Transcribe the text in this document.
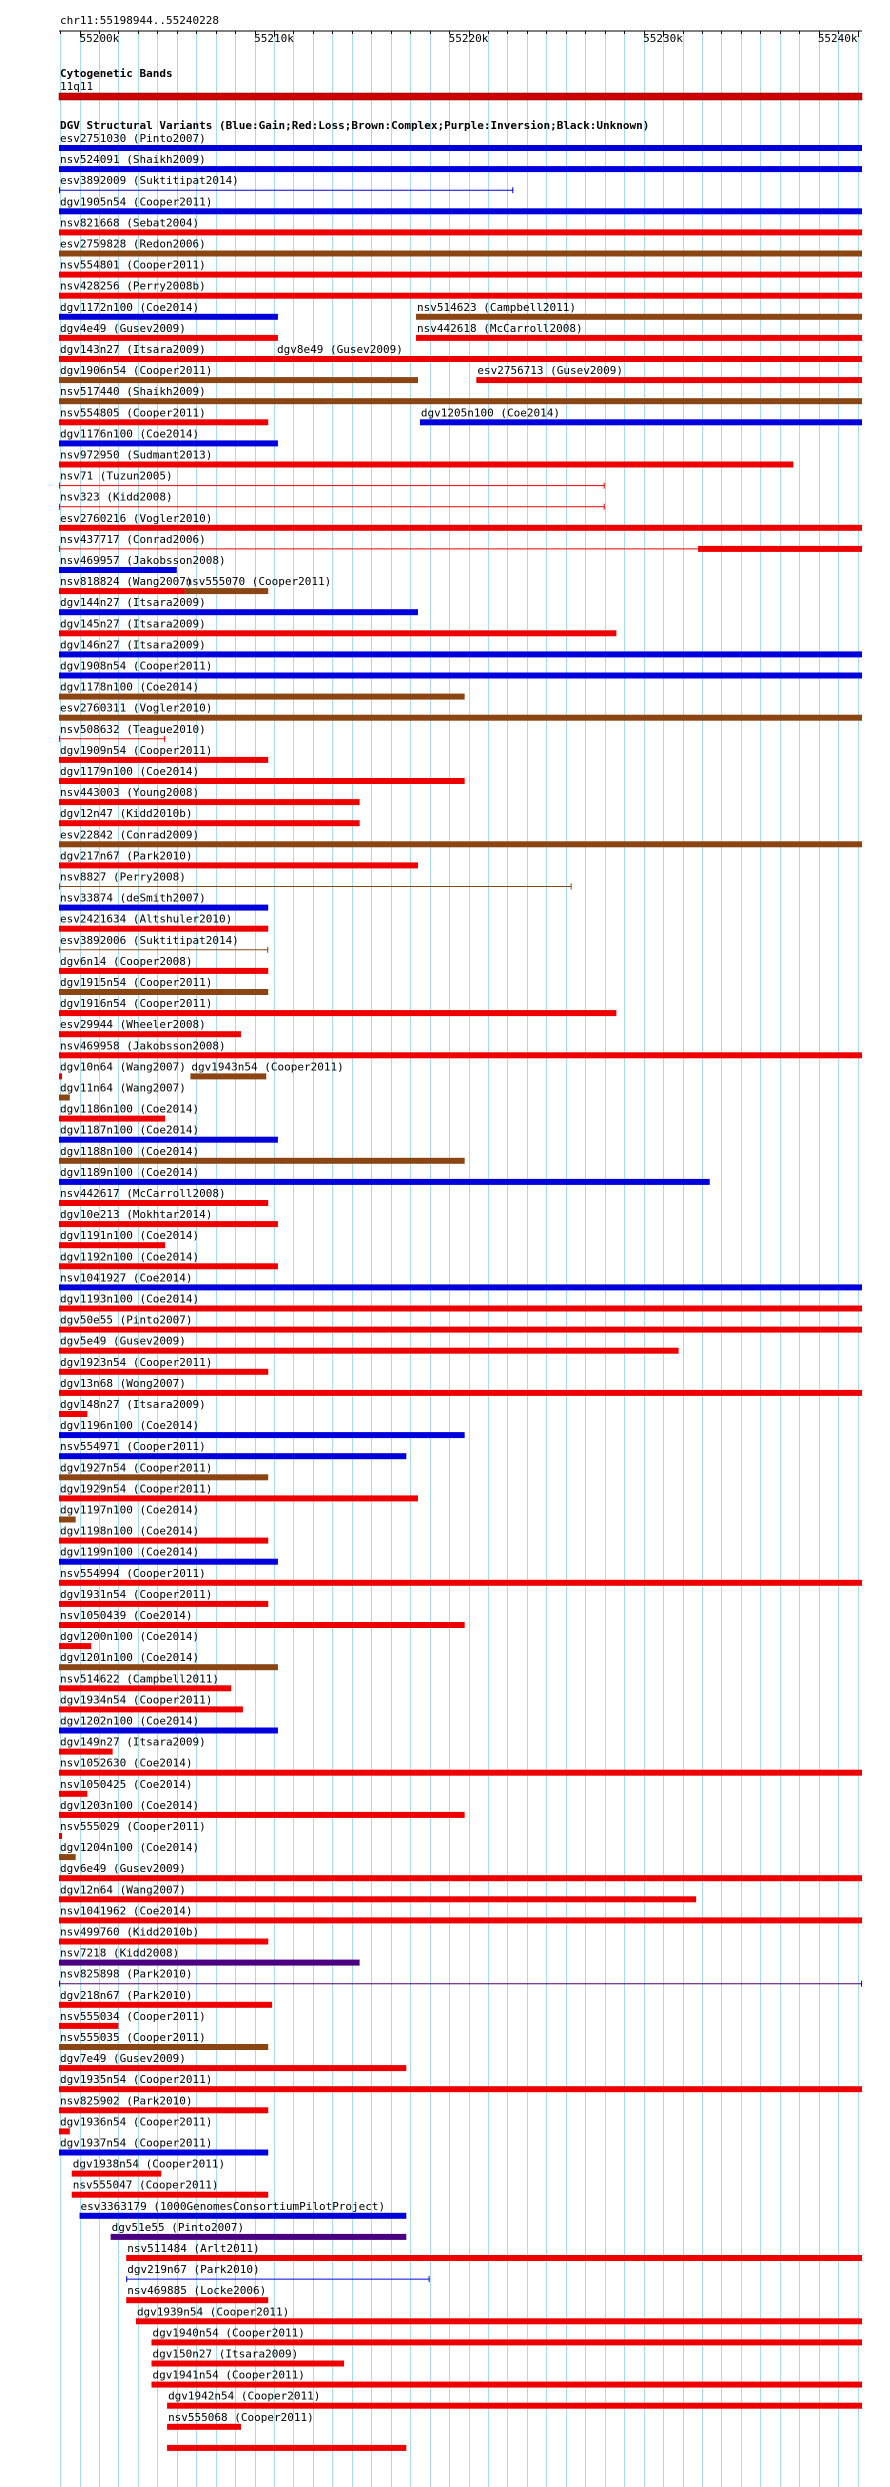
chr11:55198944..55240228
55200k	55210k	55220k	55230k	55240k
Cytogenetic Bands
11q11
DGV Structural Variants (Blue:Gain;Red:Loss;Brown:Complex;Purple:Inversion;Black:Unknown)
esv2751030 (Pinto2007)
nsv524091 (Shaikh2009)
esv3892009 (Suktitipat2014)
dgv1905n54 (Cooper2011)
nsv821668 (Sebat2004)
esv2759828 (Redon2006)
nsv554801 (Cooper2011)
nsv428256 (Perry2008b)
dgv1172n100 (Coe2014)	nsv514623 (Campbell2011)
dgv4e49 (Gusev2009)	nsv442618 (McCarroll2008)
dgv143n27 (Itsara2009)	dgv8e49 (Gusev2009)
dgv1906n54 (Cooper2011)	esv2756713 (Gusev2009)
nsv517440 (Shaikh2009)
nsv554805 (Cooper2011)	dgv1205n100 (Coe2014)
dgv1176n100 (Coe2014)
nsv972950 (Sudmant2013)
nsv71 (Tuzun2005)
nsv323 (Kidd2008)
esv2760216 (Vogler2010)
nsv437717 (Conrad2006)
nsv469957 (Jakobsson2008)
nsv818824 (Wang2007)
nsv555070 (Cooper2011)
dgv144n27 (Itsara2009)
dgv145n27 (Itsara2009)
dgv146n27 (Itsara2009)
dgv1908n54 (Cooper2011)
dgv1178n100 (Coe2014)
esv2760311 (Vogler2010)
nsv508632 (Teague2010)
dgv1909n54 (Cooper2011)
dgv1179n100 (Coe2014)
nsv443003 (Young2008)
dgv12n47 (Kidd2010b)
esv22842 (Conrad2009)
dgv217n67 (Park2010)
nsv8827 (Perry2008)
nsv33874 (deSmith2007)
esv2421634 (Altshuler2010)
esv3892006 (Suktitipat2014)
dgv6n14 (Cooper2008)
dgv1915n54 (Cooper2011)
dgv1916n54 (Cooper2011)
esv29944 (Wheeler2008)
nsv469958 (Jakobsson2008)
dgv10n64 (Wang2007) dgv1943n54 (Cooper2011)
dgv11n64 (Wang2007)
dgv1186n100 (Coe2014)
dgv1187n100 (Coe2014)
dgv1188n100 (Coe2014)
dgv1189n100 (Coe2014)
nsv442617 (McCarroll2008)
dgv10e213 (Mokhtar2014)
dgv1191n100 (Coe2014)
dgv1192n100 (Coe2014)
nsv1041927 (Coe2014)
dgv1193n100 (Coe2014)
dgv50e55 (Pinto2007)
dgv5e49 (Gusev2009)
dgv1923n54 (Cooper2011)
dgv13n68 (Wong2007)
dgv148n27 (Itsara2009)
dgv1196n100 (Coe2014)
nsv554971 (Cooper2011)
dgv1927n54 (Cooper2011)
dgv1929n54 (Cooper2011)
dgv1197n100 (Coe2014)
dgv1198n100 (Coe2014)
dgv1199n100 (Coe2014)
nsv554994 (Cooper2011)
dgv1931n54 (Cooper2011)
nsv1050439 (Coe2014)
dgv1200n100 (Coe2014)
dgv1201n100 (Coe2014)
nsv514622 (Campbell2011)
dgv1934n54 (Cooper2011)
dgv1202n100 (Coe2014)
dgv149n27 (Itsara2009)
nsv1052630 (Coe2014)
nsv1050425 (Coe2014)
dgv1203n100 (Coe2014)
nsv555029 (Cooper2011)
dgv1204n100 (Coe2014)
dgv6e49 (Gusev2009)
dgv12n64 (Wang2007)
nsv1041962 (Coe2014)
nsv499760 (Kidd2010b)
nsv7218 (Kidd2008)
nsv825898 (Park2010)
dgv218n67 (Park2010)
nsv555034 (Cooper2011)
nsv555035 (Cooper2011)
dgv7e49 (Gusev2009)
dgv1935n54 (Cooper2011)
nsv825902 (Park2010)
dgv1936n54 (Cooper2011)
dgv1937n54 (Cooper2011)
dgv1938n54 (Cooper2011)
nsv555047 (Cooper2011)
esv3363179 (1000GenomesConsortiumPilotProject)
dgv51e55 (Pinto2007)
nsv511484 (Arlt2011)
dgv219n67 (Park2010)
nsv469885 (Locke2006)
dgv1939n54 (Cooper2011)
dgv1940n54 (Cooper2011)
dgv150n27 (Itsara2009)
dgv1941n54 (Cooper2011)
dgv1942n54 (Cooper2011)
nsv555068 (Cooper2011)
